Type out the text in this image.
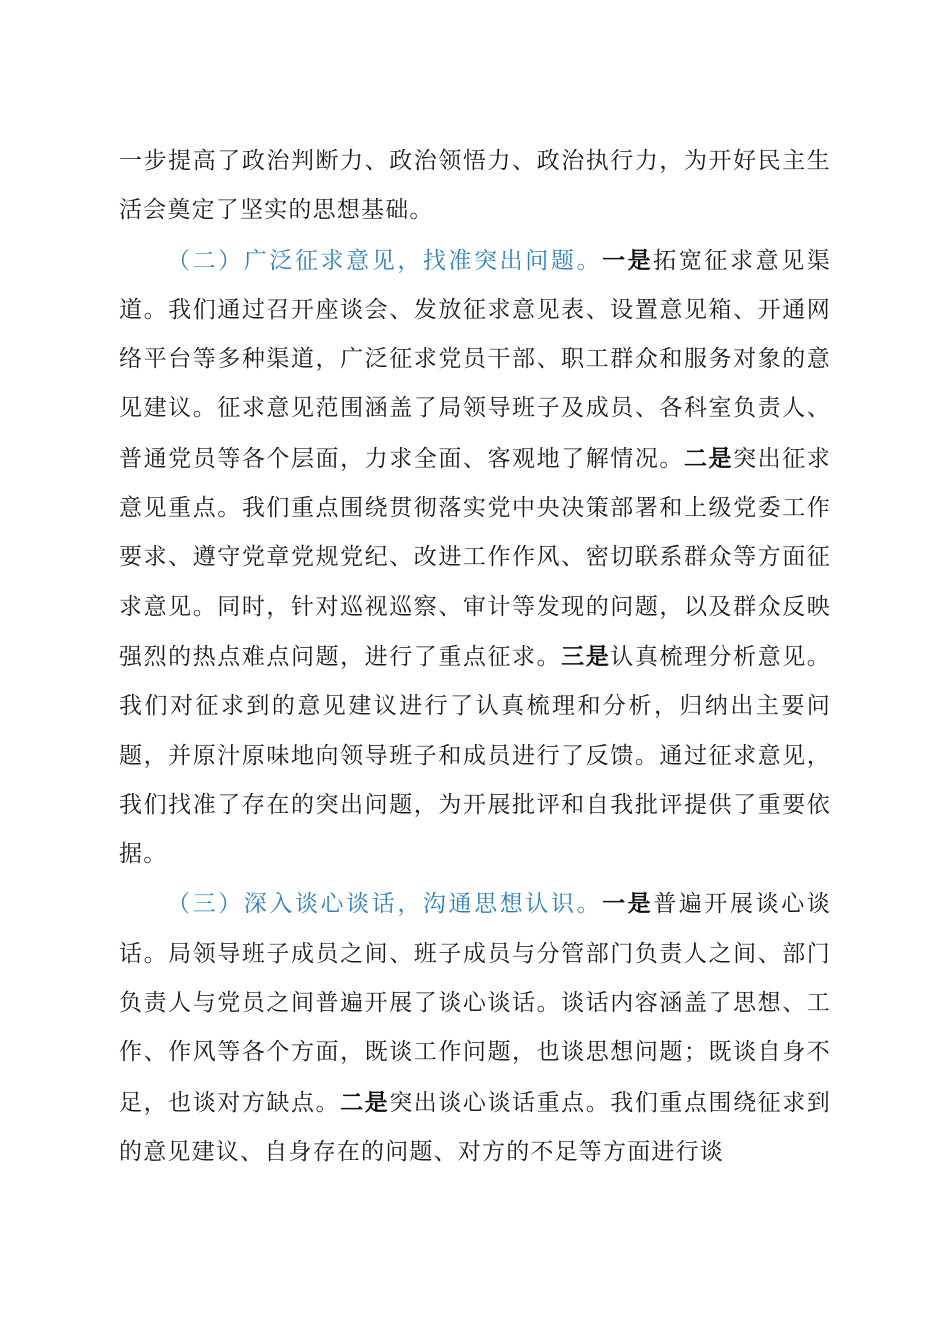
一步提高了政治判断力、政治领悟力、政治执行力，为开好民主生活会奠定了坚实的思想基础。

（二）广泛征求意见，找准突出问题。一是拓宽征求意见渠道。我们通过召开座谈会、发放征求意见表、设置意见箱、开通网络平台等多种渠道，广泛征求党员干部、职工群众和服务对象的意见建议。征求意见范围涵盖了局领导班子及成员、各科室负责人、普通党员等各个层面，力求全面、客观地了解情况。二是突出征求意见重点。我们重点围绕贯彻落实党中央决策部署和上级党委工作要求、遵守党章党规党纪、改进工作作风、密切联系群众等方面征求意见。同时，针对巡视巡察、审计等发现的问题，以及群众反映强烈的热点难点问题，进行了重点征求。三是认真梳理分析意见。我们对征求到的意见建议进行了认真梳理和分析，归纳出主要问题，并原汁原味地向领导班子和成员进行了反馈。通过征求意见，我们找准了存在的突出问题，为开展批评和自我批评提供了重要依据。

（三）深入谈心谈话，沟通思想认识。一是普遍开展谈心谈话。局领导班子成员之间、班子成员与分管部门负责人之间、部门负责人与党员之间普遍开展了谈心谈话。谈话内容涵盖了思想、工作、作风等各个方面，既谈工作问题，也谈思想问题；既谈自身不足，也谈对方缺点。二是突出谈心谈话重点。我们重点围绕征求到的意见建议、自身存在的问题、对方的不足等方面进行谈
